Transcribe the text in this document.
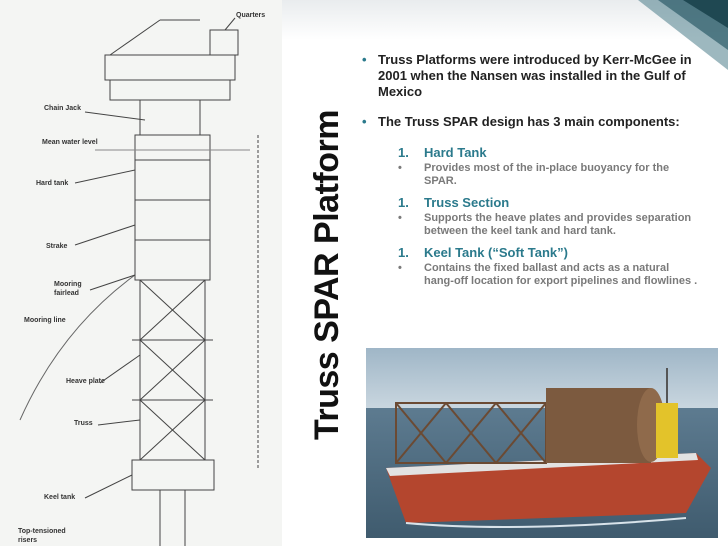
Quarters
Chain Jack
Mean water level
Hard tank
Strake
Mooring fairlead
Mooring line
Heave plate
Truss
Keel tank
Top-tensioned risers
Truss SPAR Platform
• Truss Platforms were introduced by Kerr-McGee in 2001 when the Nansen was installed in the Gulf of Mexico
• The Truss SPAR design has 3 main components:
1. Hard Tank
• Provides most of the in-place buoyancy for the SPAR.
1. Truss Section
• Supports the heave plates and provides separation between the keel tank and hard tank.
1. Keel Tank (“Soft Tank”)
• Contains the fixed ballast and acts as a natural hang-off location for export pipelines and flowlines .
